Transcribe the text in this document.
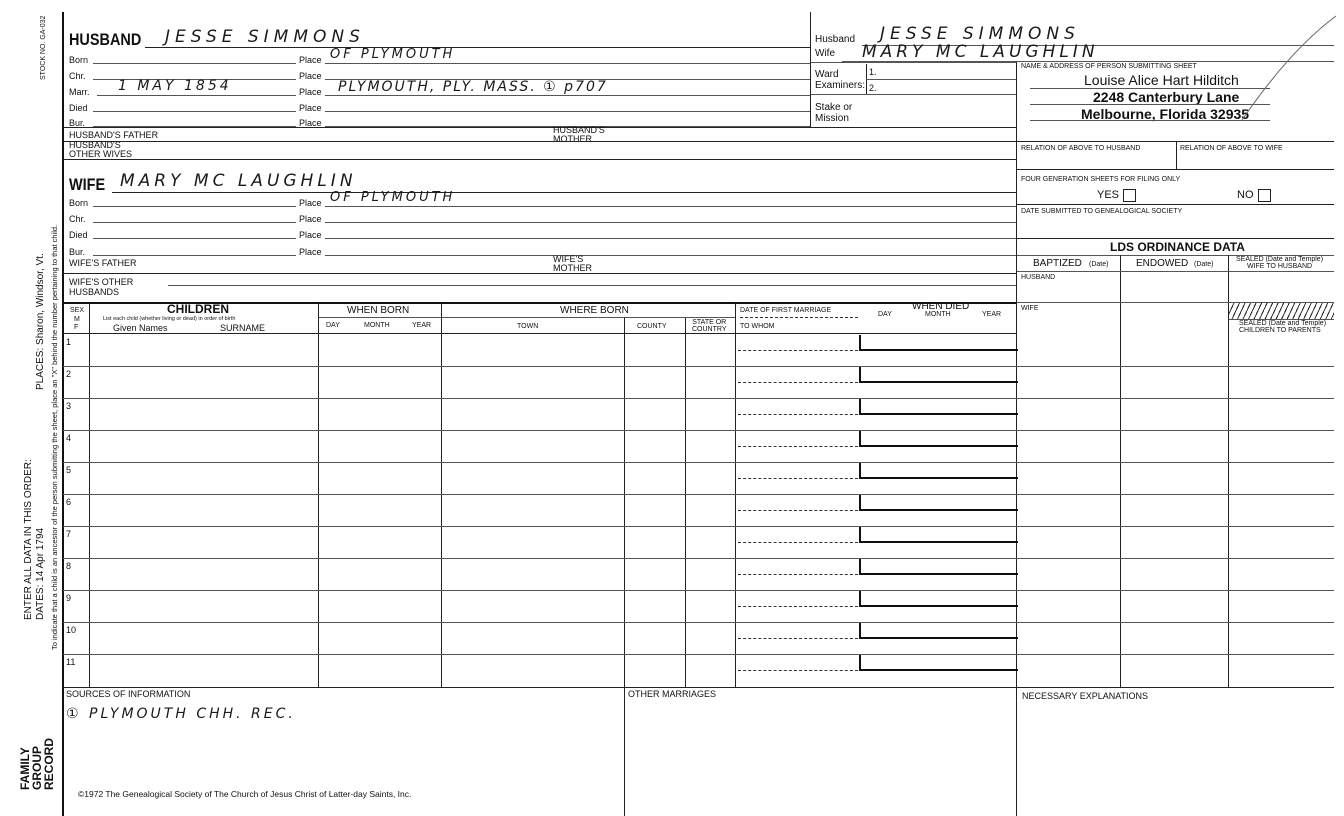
STOCK NO. GA-032
PLACES: Sharon, Windsor, Vt.
ENTER ALL DATA IN THIS ORDER: DATES: 14 Apr 1794 To indicate that a child is an ancestor of the person submitting the sheet, place an "X" behind the number pertaining to that child.
FAMILY
GROUP
RECORD
HUSBAND JESSE SIMMONS
Born	Place OF PLYMOUTH
Chr.	Place
Marr. 1 MAY 1854	Place PLYMOUTH, PLY. MASS. ① p707
Died	Place
Bur.	Place
HUSBAND'S FATHER	HUSBAND'S
MOTHER
HUSBAND'S
OTHER WIVES
WIFE MARY MC LAUGHLIN
Born	Place OF PLYMOUTH
Chr.	Place
Died	Place
Bur.	Place
WIFE'S FATHER	WIFE'S
MOTHER
WIFE'S OTHER
HUSBANDS
Husband JESSE SIMMONS
Wife MARY MC LAUGHLIN
Ward
Examiners:
1.
2.
Stake or
Mission
NAME & ADDRESS OF PERSON SUBMITTING SHEET
Louise Alice Hart Hilditch
2248 Canterbury Lane
Melbourne, Florida 32935
RELATION OF ABOVE TO HUSBAND	RELATION OF ABOVE TO WIFE
FOUR GENERATION SHEETS FOR FILING ONLY
YES	NO
DATE SUBMITTED TO GENEALOGICAL SOCIETY
LDS ORDINANCE DATA
BAPTIZED (Date)	ENDOWED (Date)
SEALED (Date and Temple)
WIFE TO HUSBAND
HUSBAND
WIFE
SEALED (Date and Temple)
CHILDREN TO PARENTS
SEX
M
F
CHILDREN
List each child (whether living or dead) in order of birth
Given Names	SURNAME
WHEN BORN
DAY	MONTH	YEAR
WHERE BORN
TOWN	COUNTY
STATE OR
COUNTRY
DATE OF FIRST MARRIAGE
TO WHOM
WHEN DIED
DAY	MONTH	YEAR
1
2
3
4
5
6
7
8
9
10
11
SOURCES OF INFORMATION
① PLYMOUTH CHH. REC.
OTHER MARRIAGES	NECESSARY EXPLANATIONS
©1972 The Genealogical Society of The Church of Jesus Christ of Latter-day Saints, Inc.
